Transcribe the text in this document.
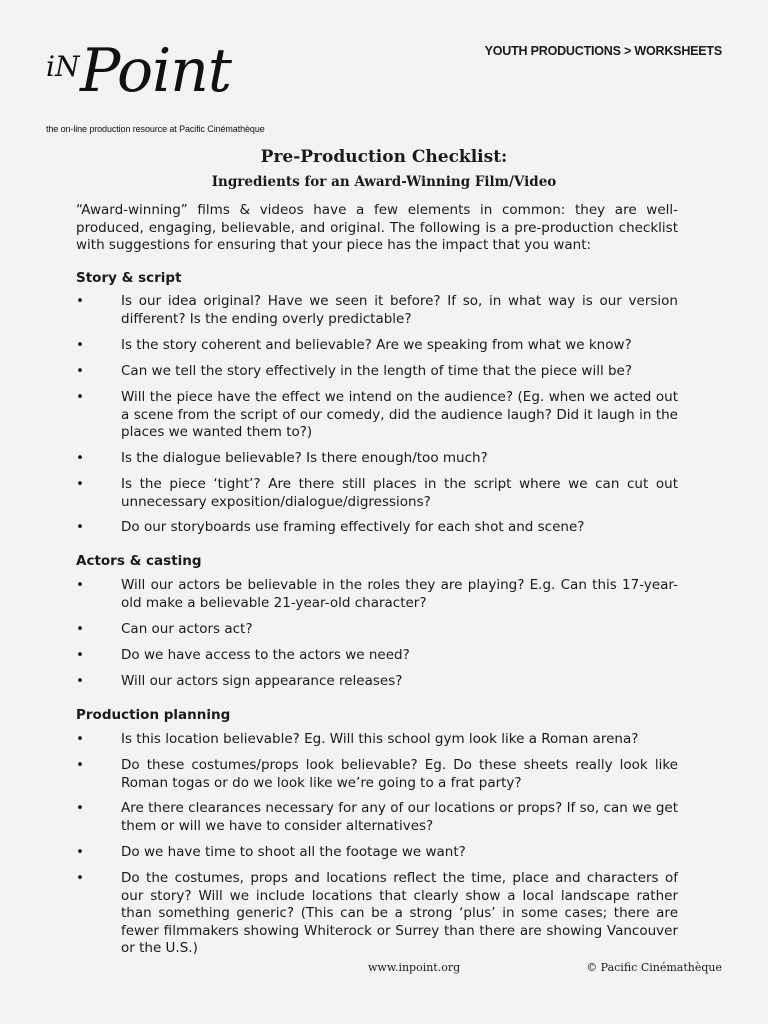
iN Point
the on-line production resource at Pacific Cinémathèque
YOUTH PRODUCTIONS > WORKSHEETS
Pre-Production Checklist:
Ingredients for an Award-Winning Film/Video
“Award-winning” films & videos have a few elements in common: they are well-produced, engaging, believable, and original. The following is a pre-production checklist with suggestions for ensuring that your piece has the impact that you want:
Story & script
•	Is our idea original? Have we seen it before? If so, in what way is our version different? Is the ending overly predictable?
•	Is the story coherent and believable? Are we speaking from what we know?
•	Can we tell the story effectively in the length of time that the piece will be?
•	Will the piece have the effect we intend on the audience? (Eg. when we acted out a scene from the script of our comedy, did the audience laugh? Did it laugh in the places we wanted them to?)
•	Is the dialogue believable? Is there enough/too much?
•	Is the piece ‘tight’? Are there still places in the script where we can cut out unnecessary exposition/dialogue/digressions?
•	Do our storyboards use framing effectively for each shot and scene?
Actors & casting
•	Will our actors be believable in the roles they are playing? E.g. Can this 17-year-old make a believable 21-year-old character?
•	Can our actors act?
•	Do we have access to the actors we need?
•	Will our actors sign appearance releases?
Production planning
•	Is this location believable? Eg. Will this school gym look like a Roman arena?
•	Do these costumes/props look believable? Eg. Do these sheets really look like Roman togas or do we look like we’re going to a frat party?
•	Are there clearances necessary for any of our locations or props? If so, can we get them or will we have to consider alternatives?
•	Do we have time to shoot all the footage we want?
•	Do the costumes, props and locations reflect the time, place and characters of our story? Will we include locations that clearly show a local landscape rather than something generic? (This can be a strong ‘plus’ in some cases; there are fewer filmmakers showing Whiterock or Surrey than there are showing Vancouver or the U.S.)
www.inpoint.org	© Pacific Cinémathèque
